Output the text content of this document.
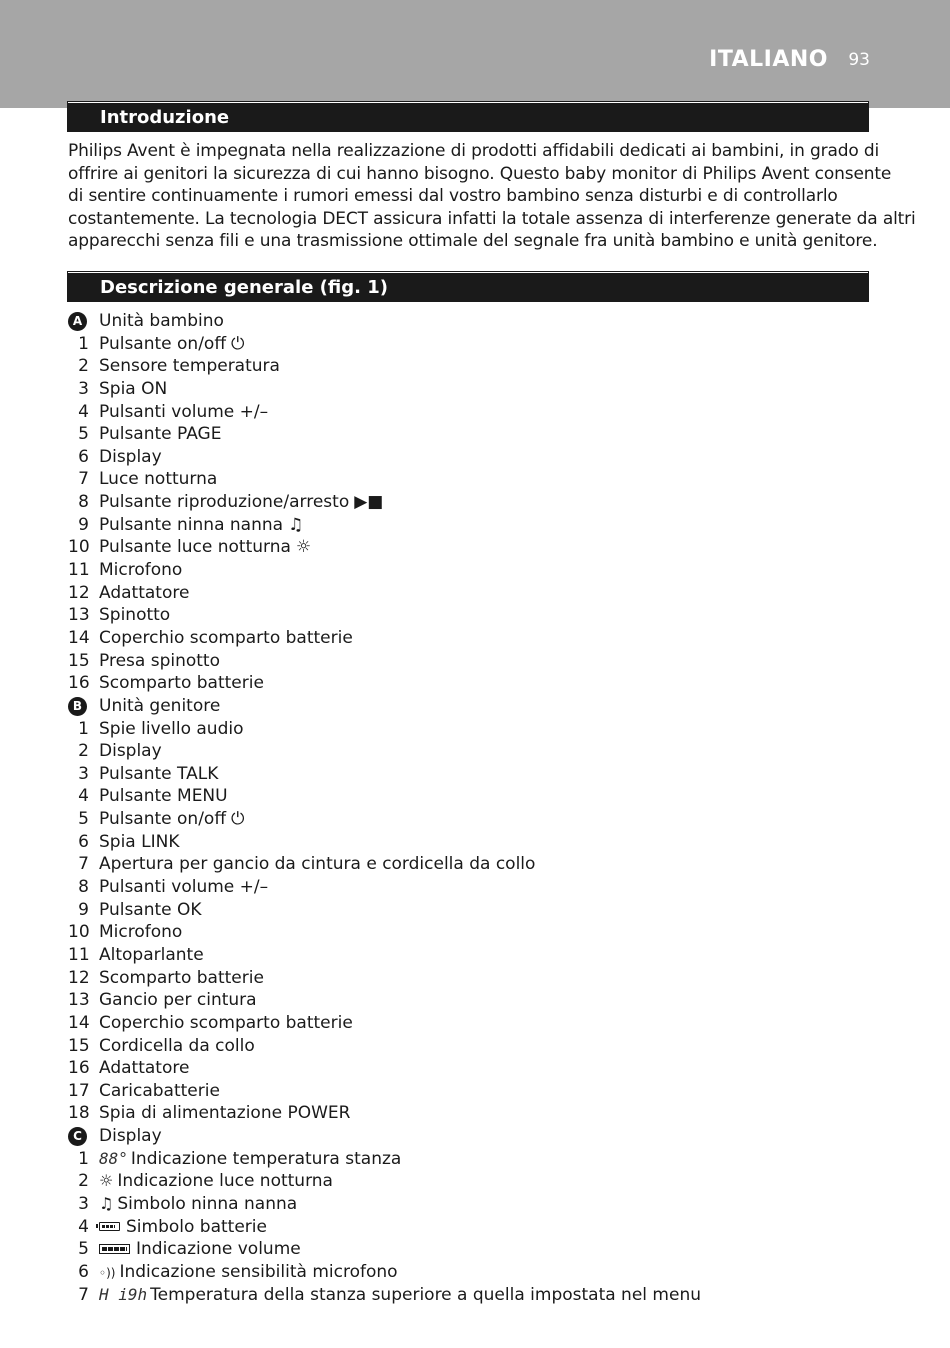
ITALIANO 93
Introduzione
Philips Avent è impegnata nella realizzazione di prodotti affidabili dedicati ai bambini, in grado di
offrire ai genitori la sicurezza di cui hanno bisogno. Questo baby monitor di Philips Avent consente
di sentire continuamente i rumori emessi dal vostro bambino senza disturbi e di controllarlo
costantemente. La tecnologia DECT assicura infatti la totale assenza di interferenze generate da altri
apparecchi senza fili e una trasmissione ottimale del segnale fra unità bambino e unità genitore.
Descrizione generale (fig. 1)
A Unità bambino
1 Pulsante on/off ⏻
2 Sensore temperatura
3 Spia ON
4 Pulsanti volume +/–
5 Pulsante PAGE
6 Display
7 Luce notturna
8 Pulsante riproduzione/arresto ▶■
9 Pulsante ninna nanna ♫
10 Pulsante luce notturna ☼
11 Microfono
12 Adattatore
13 Spinotto
14 Coperchio scomparto batterie
15 Presa spinotto
16 Scomparto batterie
B Unità genitore
1 Spie livello audio
2 Display
3 Pulsante TALK
4 Pulsante MENU
5 Pulsante on/off ⏻
6 Spia LINK
7 Apertura per gancio da cintura e cordicella da collo
8 Pulsanti volume +/–
9 Pulsante OK
10 Microfono
11 Altoparlante
12 Scomparto batterie
13 Gancio per cintura
14 Coperchio scomparto batterie
15 Cordicella da collo
16 Adattatore
17 Caricabatterie
18 Spia di alimentazione POWER
C Display
1 88° Indicazione temperatura stanza
2 ☼ Indicazione luce notturna
3 ♫ Simbolo ninna nanna
4	Simbolo batterie
5	Indicazione volume
6 ◦)) Indicazione sensibilità microfono
7 H i9h Temperatura della stanza superiore a quella impostata nel menu
